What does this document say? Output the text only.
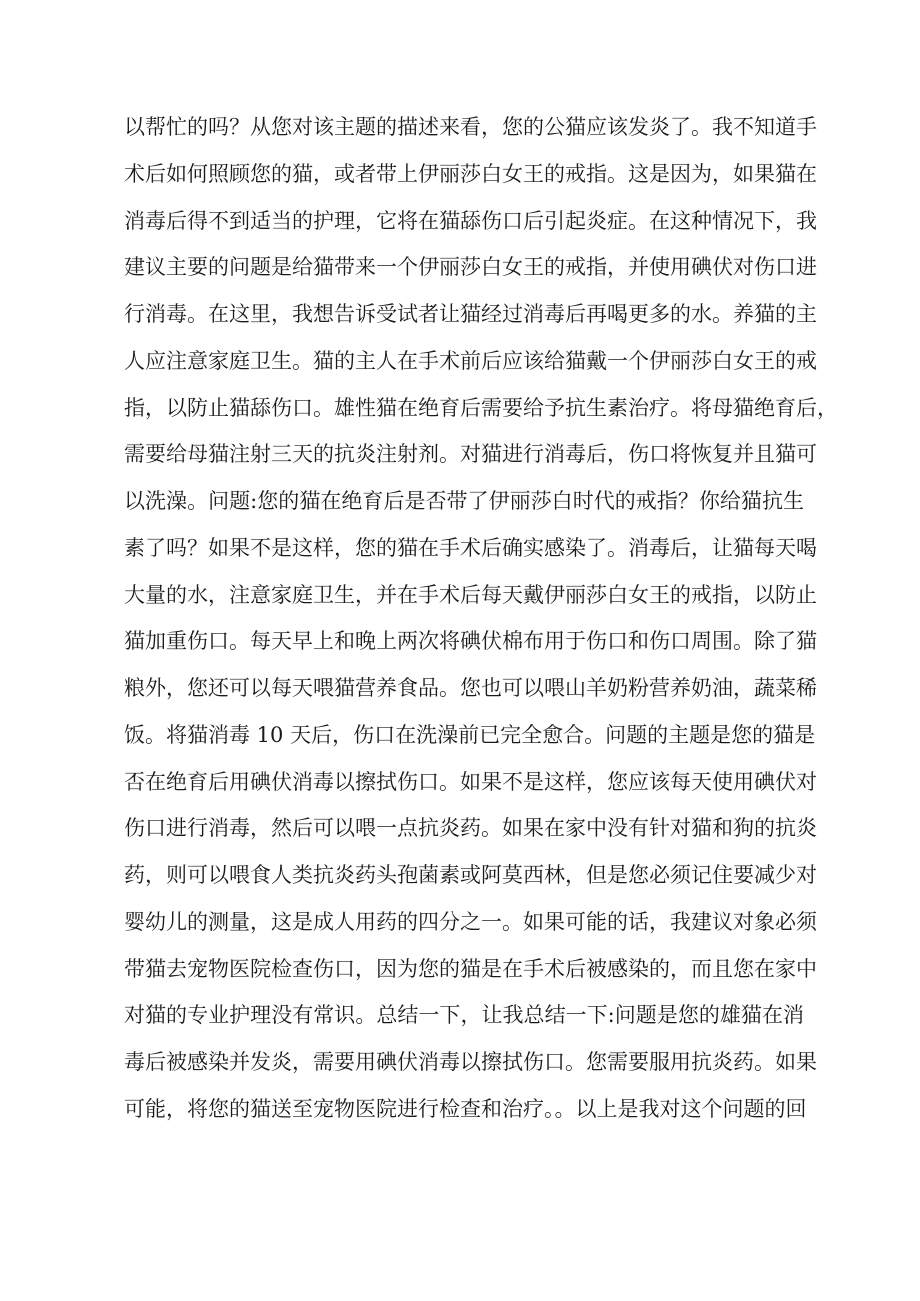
以帮忙的吗？从您对该主题的描述来看，您的公猫应该发炎了。我不知道手
术后如何照顾您的猫，或者带上伊丽莎白女王的戒指。这是因为，如果猫在
消毒后得不到适当的护理，它将在猫舔伤口后引起炎症。在这种情况下，我
建议主要的问题是给猫带来一个伊丽莎白女王的戒指，并使用碘伏对伤口进
行消毒。在这里，我想告诉受试者让猫经过消毒后再喝更多的水。养猫的主
人应注意家庭卫生。猫的主人在手术前后应该给猫戴一个伊丽莎白女王的戒
指，以防止猫舔伤口。雄性猫在绝育后需要给予抗生素治疗。将母猫绝育后，
需要给母猫注射三天的抗炎注射剂。对猫进行消毒后，伤口将恢复并且猫可
以洗澡。问题:您的猫在绝育后是否带了伊丽莎白时代的戒指？你给猫抗生
素了吗？如果不是这样，您的猫在手术后确实感染了。消毒后，让猫每天喝
大量的水，注意家庭卫生，并在手术后每天戴伊丽莎白女王的戒指，以防止
猫加重伤口。每天早上和晚上两次将碘伏棉布用于伤口和伤口周围。除了猫
粮外，您还可以每天喂猫营养食品。您也可以喂山羊奶粉营养奶油，蔬菜稀
饭。将猫消毒 10 天后，伤口在洗澡前已完全愈合。问题的主题是您的猫是
否在绝育后用碘伏消毒以擦拭伤口。如果不是这样，您应该每天使用碘伏对
伤口进行消毒，然后可以喂一点抗炎药。如果在家中没有针对猫和狗的抗炎
药，则可以喂食人类抗炎药头孢菌素或阿莫西林，但是您必须记住要减少对
婴幼儿的测量，这是成人用药的四分之一。如果可能的话，我建议对象必须
带猫去宠物医院检查伤口，因为您的猫是在手术后被感染的，而且您在家中
对猫的专业护理没有常识。总结一下，让我总结一下:问题是您的雄猫在消
毒后被感染并发炎，需要用碘伏消毒以擦拭伤口。您需要服用抗炎药。如果
可能，将您的猫送至宠物医院进行检查和治疗。。以上是我对这个问题的回
